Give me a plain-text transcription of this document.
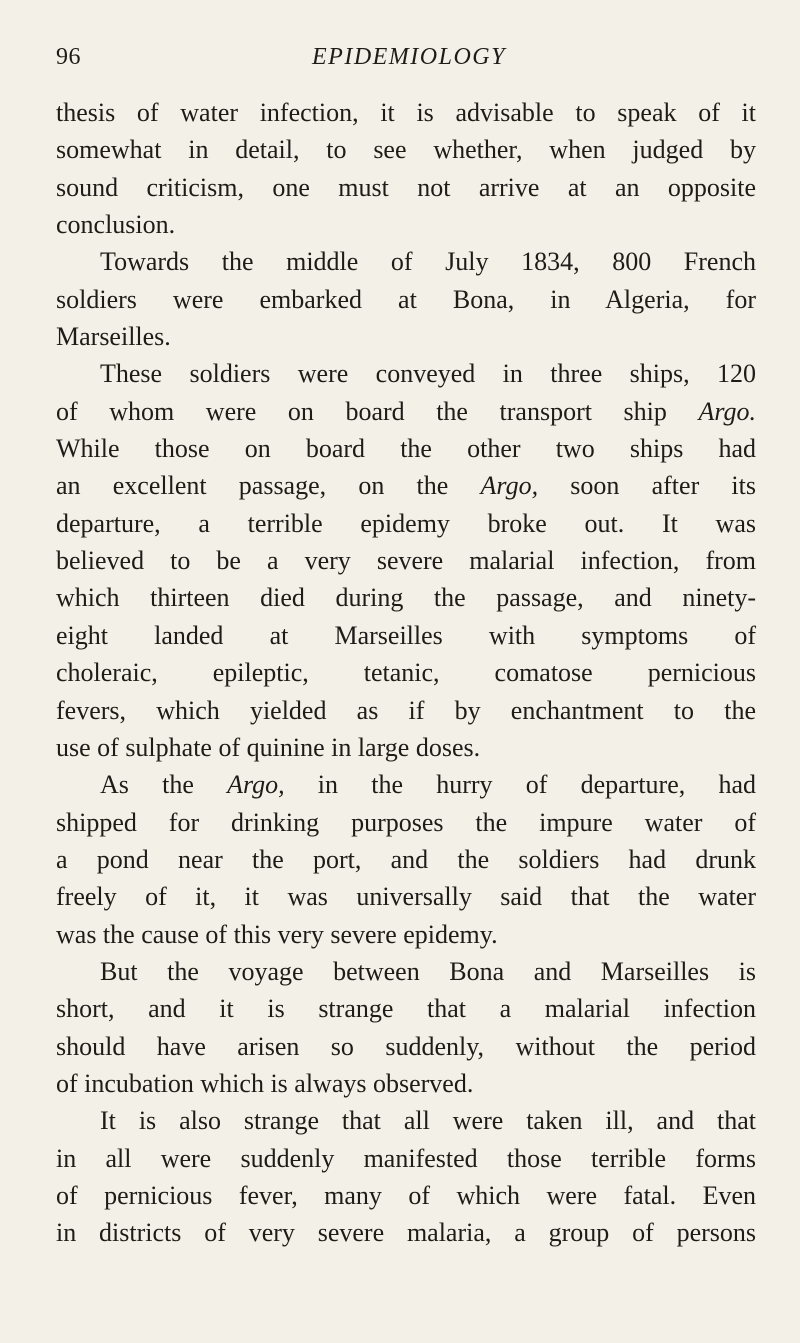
96	EPIDEMIOLOGY
thesis of water infection, it is advisable to speak of it
somewhat in detail, to see whether, when judged by
sound criticism, one must not arrive at an opposite
conclusion.
Towards the middle of July 1834, 800 French
soldiers were embarked at Bona, in Algeria, for
Marseilles.
These soldiers were conveyed in three ships, 120
of whom were on board the transport ship Argo.
While those on board the other two ships had
an excellent passage, on the Argo, soon after its
departure, a terrible epidemy broke out. It was
believed to be a very severe malarial infection, from
which thirteen died during the passage, and ninety-
eight landed at Marseilles with symptoms of
choleraic, epileptic, tetanic, comatose pernicious
fevers, which yielded as if by enchantment to the
use of sulphate of quinine in large doses.
As the Argo, in the hurry of departure, had
shipped for drinking purposes the impure water of
a pond near the port, and the soldiers had drunk
freely of it, it was universally said that the water
was the cause of this very severe epidemy.
But the voyage between Bona and Marseilles is
short, and it is strange that a malarial infection
should have arisen so suddenly, without the period
of incubation which is always observed.
It is also strange that all were taken ill, and that
in all were suddenly manifested those terrible forms
of pernicious fever, many of which were fatal. Even
in districts of very severe malaria, a group of persons
